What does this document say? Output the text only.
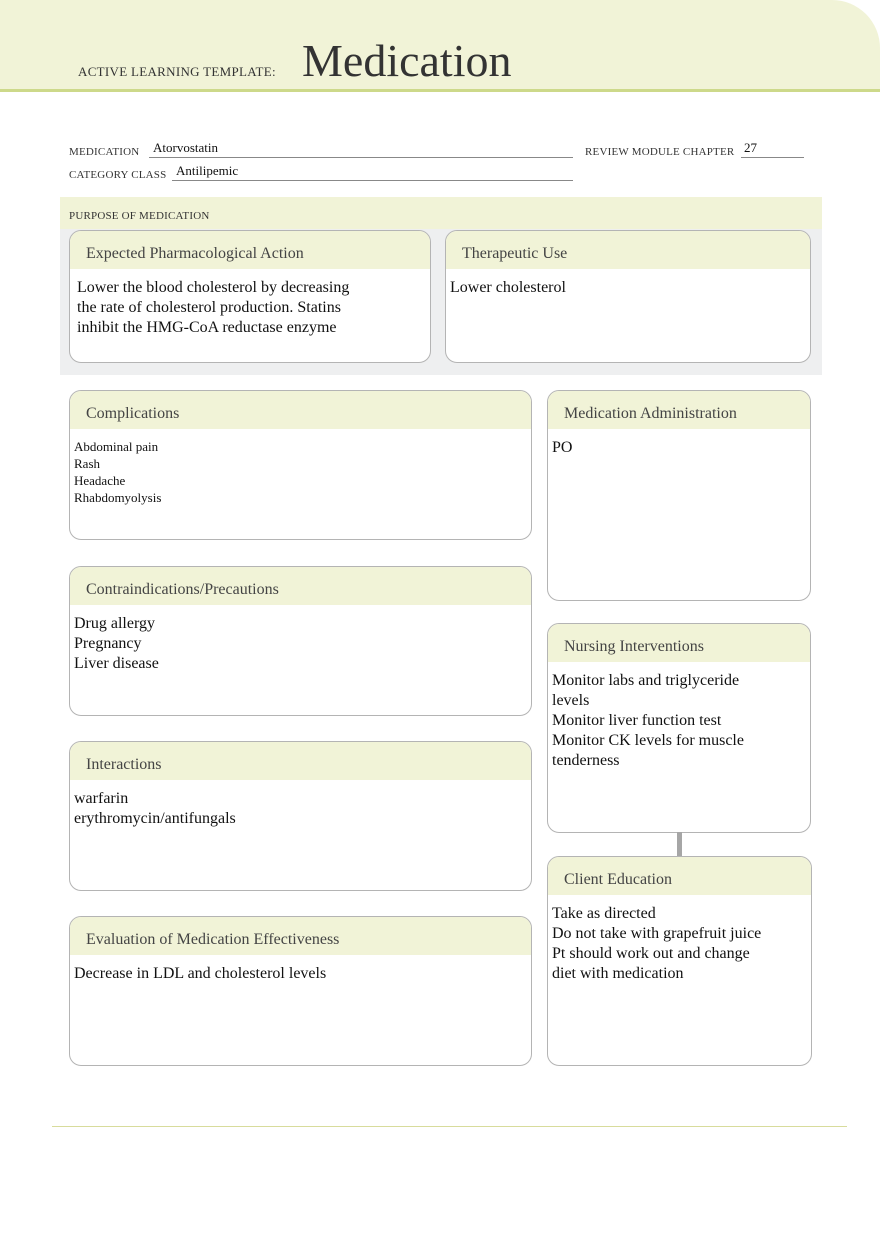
ACTIVE LEARNING TEMPLATE: Medication
MEDICATION Atorvostatin	REVIEW MODULE CHAPTER 27
CATEGORY CLASS Antilipemic
PURPOSE OF MEDICATION
Expected Pharmacological Action
Lower the blood cholesterol by decreasing
the rate of cholesterol production. Statins
inhibit the HMG-CoA reductase enzyme
Therapeutic Use
Lower cholesterol
Complications
Abdominal pain
Rash
Headache
Rhabdomyolysis
Medication Administration
PO
Contraindications/Precautions
Drug allergy
Pregnancy
Liver disease
Nursing Interventions
Monitor labs and triglyceride
levels
Monitor liver function test
Monitor CK levels for muscle
tenderness
Interactions
warfarin
erythromycin/antifungals
Client Education
Take as directed
Do not take with grapefruit juice
Pt should work out and change
diet with medication
Evaluation of Medication Effectiveness
Decrease in LDL and cholesterol levels
